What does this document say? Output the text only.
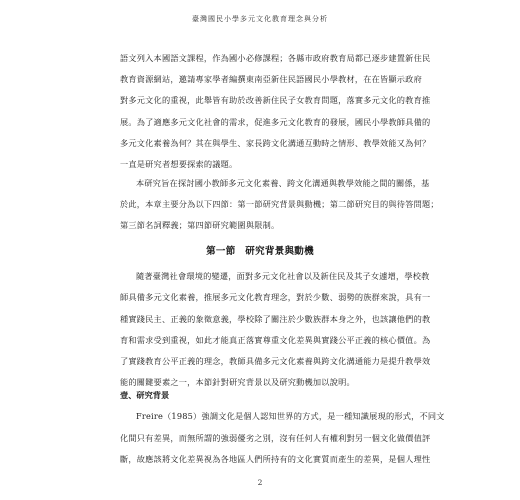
臺灣國民小學多元文化教育理念與分析
語文列入本國語文課程，作為國小必修課程；各縣市政府教育局都已逐步建置新住民
教育資源網站，邀請專家學者編撰東南亞新住民語國民小學教材，在在皆顯示政府
對多元文化的重視，此舉皆有助於改善新住民子女教育問題，落實多元文化的教育推
展。為了適應多元文化社會的需求，促進多元文化教育的發展，國民小學教師具備的
多元文化素養為何？其在與學生、家長跨文化溝通互動時之情形、教學效能又為何？
一直是研究者想要探索的議題。
本研究旨在探討國小教師多元文化素養、跨文化溝通與教學效能之間的關係，基
於此，本章主要分為以下四節：第一節研究背景與動機；第二節研究目的與待答問題；
第三節名詞釋義；第四節研究範圍與限制。
第一節　研究背景與動機
隨著臺灣社會環境的變遷，面對多元文化社會以及新住民及其子女遽增，學校教
師具備多元文化素養，推展多元文化教育理念，對於少數、弱勢的族群來說，具有一
種實踐民主、正義的象徵意義，學校除了關注於少數族群本身之外，也該讓他們的教
育和需求受到重視，如此才能真正落實尊重文化差異與實踐公平正義的核心價值。為
了實踐教育公平正義的理念，教師具備多元文化素養與跨文化溝通能力是提升教學效
能的關鍵要素之一，本節針對研究背景以及研究動機加以說明。
壹、研究背景
Freire（1985）強調文化是個人認知世界的方式，是一種知識展現的形式，不同文
化間只有差異，而無所謂的強弱優劣之別，沒有任何人有權利對另一個文化做價值評
斷，故應該將文化差異視為各地區人們所持有的文化實質而產生的差異，是個人理性
2
